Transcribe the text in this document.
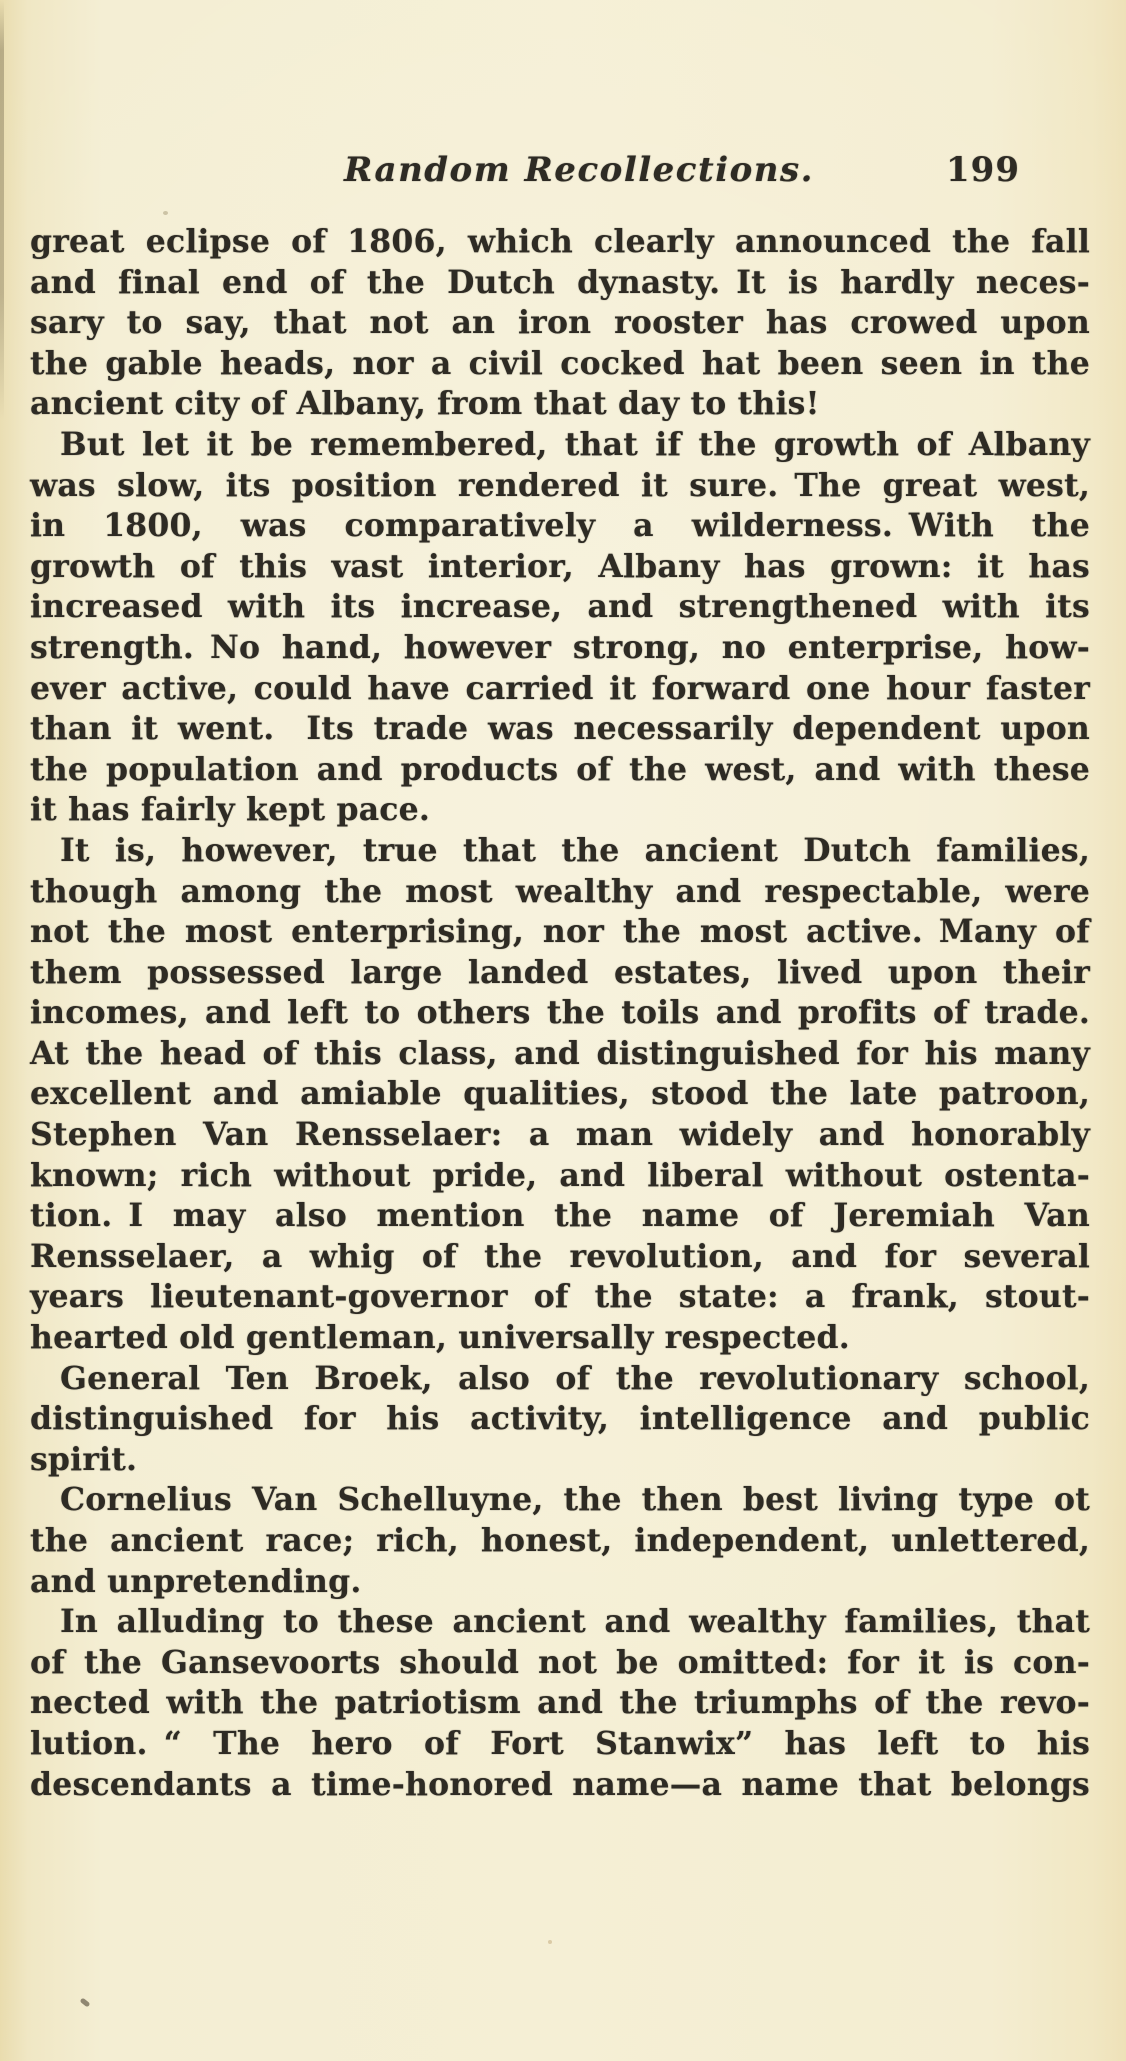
Random Recollections.	199
great eclipse of 1806, which clearly announced the fall
and final end of the Dutch dynasty. It is hardly neces-
sary to say, that not an iron rooster has crowed upon
the gable heads, nor a civil cocked hat been seen in the
ancient city of Albany, from that day to this!
But let it be remembered, that if the growth of Albany
was slow, its position rendered it sure. The great west,
in 1800, was comparatively a wilderness. With the
growth of this vast interior, Albany has grown: it has
increased with its increase, and strengthened with its
strength. No hand, however strong, no enterprise, how-
ever active, could have carried it forward one hour faster
than it went.  Its trade was necessarily dependent upon
the population and products of the west, and with these
it has fairly kept pace.
It is, however, true that the ancient Dutch families,
though among the most wealthy and respectable, were
not the most enterprising, nor the most active. Many of
them possessed large landed estates, lived upon their
incomes, and left to others the toils and profits of trade.
At the head of this class, and distinguished for his many
excellent and amiable qualities, stood the late patroon,
Stephen Van Rensselaer: a man widely and honorably
known; rich without pride, and liberal without ostenta-
tion. I may also mention the name of Jeremiah Van
Rensselaer, a whig of the revolution, and for several
years lieutenant-governor of the state: a frank, stout-
hearted old gentleman, universally respected.
General Ten Broek, also of the revolutionary school,
distinguished for his activity, intelligence and public
spirit.
Cornelius Van Schelluyne, the then best living type ot
the ancient race; rich, honest, independent, unlettered,
and unpretending.
In alluding to these ancient and wealthy families, that
of the Gansevoorts should not be omitted: for it is con-
nected with the patriotism and the triumphs of the revo-
lution. “ The hero of Fort Stanwix” has left to his
descendants a time-honored name—a name that belongs
